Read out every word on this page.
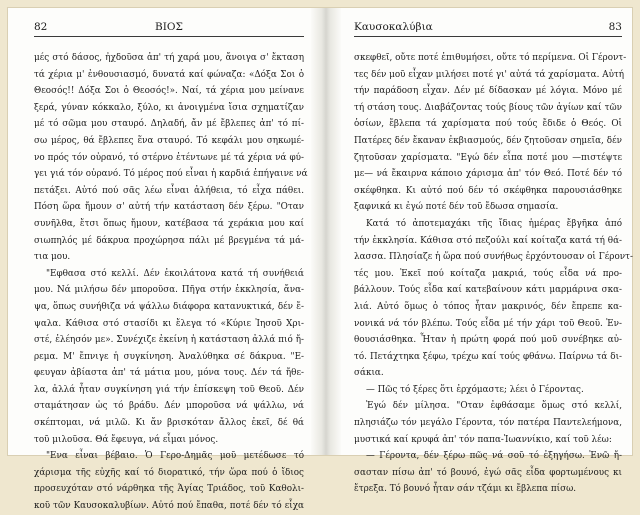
82	ΒΙΟΣ
μές στό δάσος, ἠχδοῦσα ἀπ' τή χαρά μου, ἄνοιγα σ' ἔκταση
τά χέρια μ' ἐνθουσιασμό, δυνατά καί φώναζα: «Δόξα Σοι ὁ
Θεοσός!! Δόξα Σοι ὁ Θεοσός!». Ναί, τά χέρια μου μείνανε
ξερά, γύναν κόκκαλο, ξύλο, κι ἀνοιγμένα ἴσια σχηματίζαν
μέ τό σῶμα μου σταυρό. Δηλαδή, ἄν μέ ἔβλεπες ἀπ' τό πί-
σω μέρος, θά ἔβλεπες ἕνα σταυρό. Τό κεφάλι μου σηκωμέ-
νο πρός τόν οὐρανό, τό στέρνο ἐτέντωνε μέ τά χέρια νά φύ-
γει γιά τόν οὐρανό. Τό μέρος πού εἶναι ἡ καρδιά ἐπήγαινε νά
πετάξει. Αὐτό πού σᾶς λέω εἶναι ἀλήθεια, τό εἶχα πάθει.
Πόση ὥρα ἤμουν σ' αὐτή τήν κατάσταση δέν ξέρω. "Οταν
συνῆλθα, ἔτσι ὅπως ἤμουν, κατέβασα τά χεράκια μου καί
σιωπηλός μέ δάκρυα προχώρησα πάλι μέ βρεγμένα τά μά-
τια μου.
"Εφθασα στό κελλί. Δέν ἐκοιλάτονα κατά τή συνήθειά
μου. Νά μιλήσω δέν μποροῦσα. Πῆγα στήν ἐκκλησία, ἄνα-
ψα, ὅπως συνήθιζα νά ψάλλω διάφορα κατανυκτικά, δέν ἔ-
ψαλα. Κάθισα στό στασίδι κι ἔλεγα τό «Κύριε Ἰησοῦ Χρι-
στέ, ἐλέησόν με». Συνέχιζε ἐκείνη ἡ κατάσταση ἀλλά πιό ἤ-
ρεμα. Μ' ἔπνιγε ἡ συγκίνηση. Ἀναλύθηκα σέ δάκρυα. "Ε-
φευγαν ἀβίαστα ἀπ' τά μάτια μου, μόνα τους. Δέν τά ἤθε-
λα, ἀλλά ἦταν συγκίνηση γιά τήν ἐπίσκεψη τοῦ Θεοῦ. Δέν
σταμάτησαν ὡς τό βράδυ. Δέν μποροῦσα νά ψάλλω, νά
σκέπτομαι, νά μιλῶ. Κι ἄν βρισκόταν ἄλλος ἐκεῖ, δέ θά
τοῦ μιλοῦσα. Θά ἔφευγα, νά εἶμαι μόνος.
"Ενα εἶναι βέβαιο. Ὁ Γερο-Δημᾶς μοῦ μετέδωσε τό
χάρισμα τῆς εὐχῆς καί τό διορατικό, τήν ὥρα πού ὁ ἴδιος
προσευχόταν στό νάρθηκα τῆς Ἁγίας Τριάδος, τοῦ Καθολι-
κοῦ τῶν Καυσοκαλυβίων. Αὐτό πού ἔπαθα, ποτέ δέν τό εἶχα
Καυσοκαλύβια	83
σκεφθεῖ, οὔτε ποτέ ἐπιθυμήσει, οὔτε τό περίμενα. Οἱ Γέροντ-
τες δέν μοῦ εἶχαν μιλήσει ποτέ γι' αὐτά τά χαρίσματα. Αὐτή
τήν παράδοση εἶχαν. Δέν μέ δίδασκαν μέ λόγια. Μόνο μέ
τή στάση τους. Διαβάζοντας τούς βίους τῶν ἁγίων καί τῶν
ὁσίων, ἔβλεπα τά χαρίσματα πού τούς ἔδιδε ὁ Θεός. Οἱ
Πατέρες δέν ἔκαναν ἐκβιασμούς, δέν ζητοῦσαν σημεῖα, δέν
ζητοῦσαν χαρίσματα. "Εγώ δέν εἶπα ποτέ μου —πιστέψτε
με— νά ἔκαιρνα κάποιο χάρισμα ἀπ' τόν Θεό. Ποτέ δέν τό
σκέφθηκα. Κι αὐτό πού δέν τό σκέφθηκα παρουσιάσθηκε
ξαφνικά κι ἐγώ ποτέ δέν τοῦ ἔδωσα σημασία.
Κατά τό ἀποτεμαχάκι τῆς ἴδιας ἡμέρας ἔβγῆκα ἀπό
τήν ἐκκλησία. Κάθισα στό πεζούλι καί κοίταζα κατά τή θά-
λασσα. Πλησίαζε ἡ ὥρα πού συνήθως ἐρχόντουσαν οἱ Γέροντ-
τές μου. Ἐκεῖ πού κοίταζα μακριά, τούς εἶδα νά προ-
βάλλουν. Τούς εἶδα καί κατεβαίνουν κάτι μαρμάρινα σκα-
λιά. Αὐτό ὅμως ὁ τόπος ἦταν μακρινός, δέν ἔπρεπε κα-
νονικά νά τόν βλέπω. Τούς εἶδα μέ τήν χάρι τοῦ Θεοῦ. Ἐν-
θουσιάσθηκα. Ἦταν ἡ πρώτη φορά πού μοῦ συνέβηκε αὐ-
τό. Πετάχτηκα ξέφω, τρέχω καί τούς φθάνω. Παίρνω τά δι-
σάκια.
— Πῶς τό ξέρες ὅτι ἐρχόμαστε; λέει ὁ Γέροντας.
Ἐγώ δέν μίλησα. "Οταν ἐφθάσαμε ὅμως στό κελλί,
πλησιάζω τόν μεγάλο Γέροντα, τόν πατέρα Παντελεήμονα,
μυστικά καί κρυφά ἀπ' τόν παπα-Ἰωαννίκιο, καί τοῦ λέω:
— Γέροντα, δέν ξέρω πῶς νά σοῦ τό ἐξηγήσω. Ἐνῶ ἤ-
σασταν πίσω ἀπ' τό βουνό, ἐγώ σᾶς εἶδα φορτωμένους κι
ἔτρεξα. Τό βουνό ἦταν σάν τζάμι κι ἔβλεπα πίσω.
